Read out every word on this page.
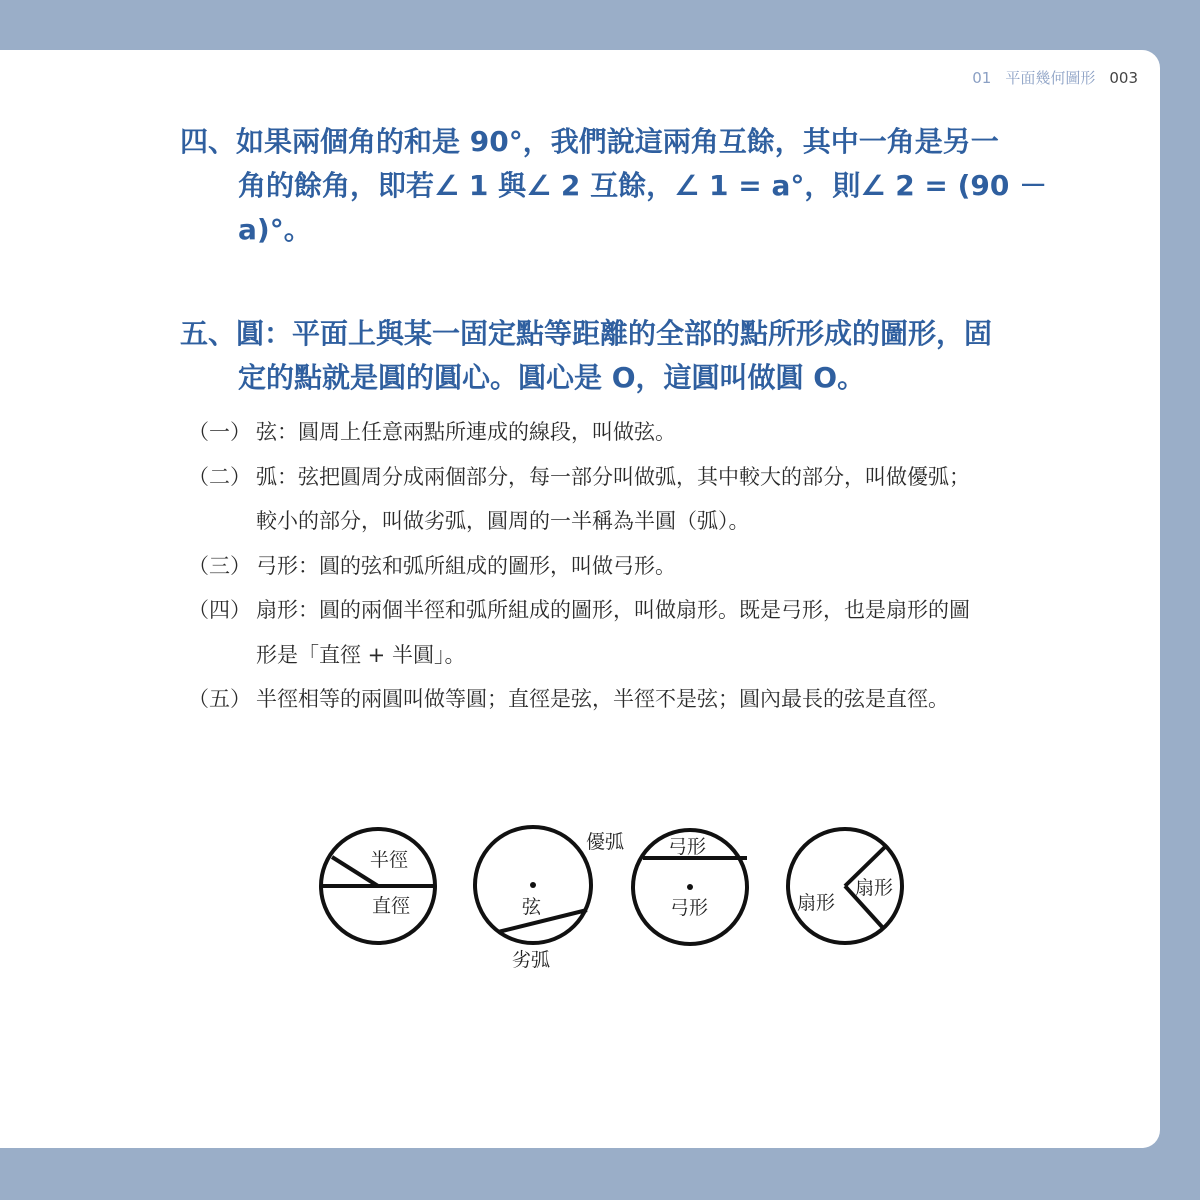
01 平面幾何圖形 003
四、如果兩個角的和是 90°，我們說這兩角互餘，其中一角是另一
角的餘角，即若∠ 1 與∠ 2 互餘，∠ 1 = a°，則∠ 2 = (90 －
a)°。
五、圓：平面上與某一固定點等距離的全部的點所形成的圖形，固
定的點就是圓的圓心。圓心是 O，這圓叫做圓 O。
（一） 弦：圓周上任意兩點所連成的線段，叫做弦。
（二） 弧：弦把圓周分成兩個部分，每一部分叫做弧，其中較大的部分，叫做優弧；
較小的部分，叫做劣弧，圓周的一半稱為半圓（弧）。
（三） 弓形：圓的弦和弧所組成的圖形，叫做弓形。
（四） 扇形：圓的兩個半徑和弧所組成的圖形，叫做扇形。既是弓形，也是扇形的圖
形是「直徑 + 半圓」。
（五） 半徑相等的兩圓叫做等圓；直徑是弦，半徑不是弦；圓內最長的弦是直徑。
半徑
直徑
優弧
弦
劣弧
弓形
弓形	扇形
扇形
